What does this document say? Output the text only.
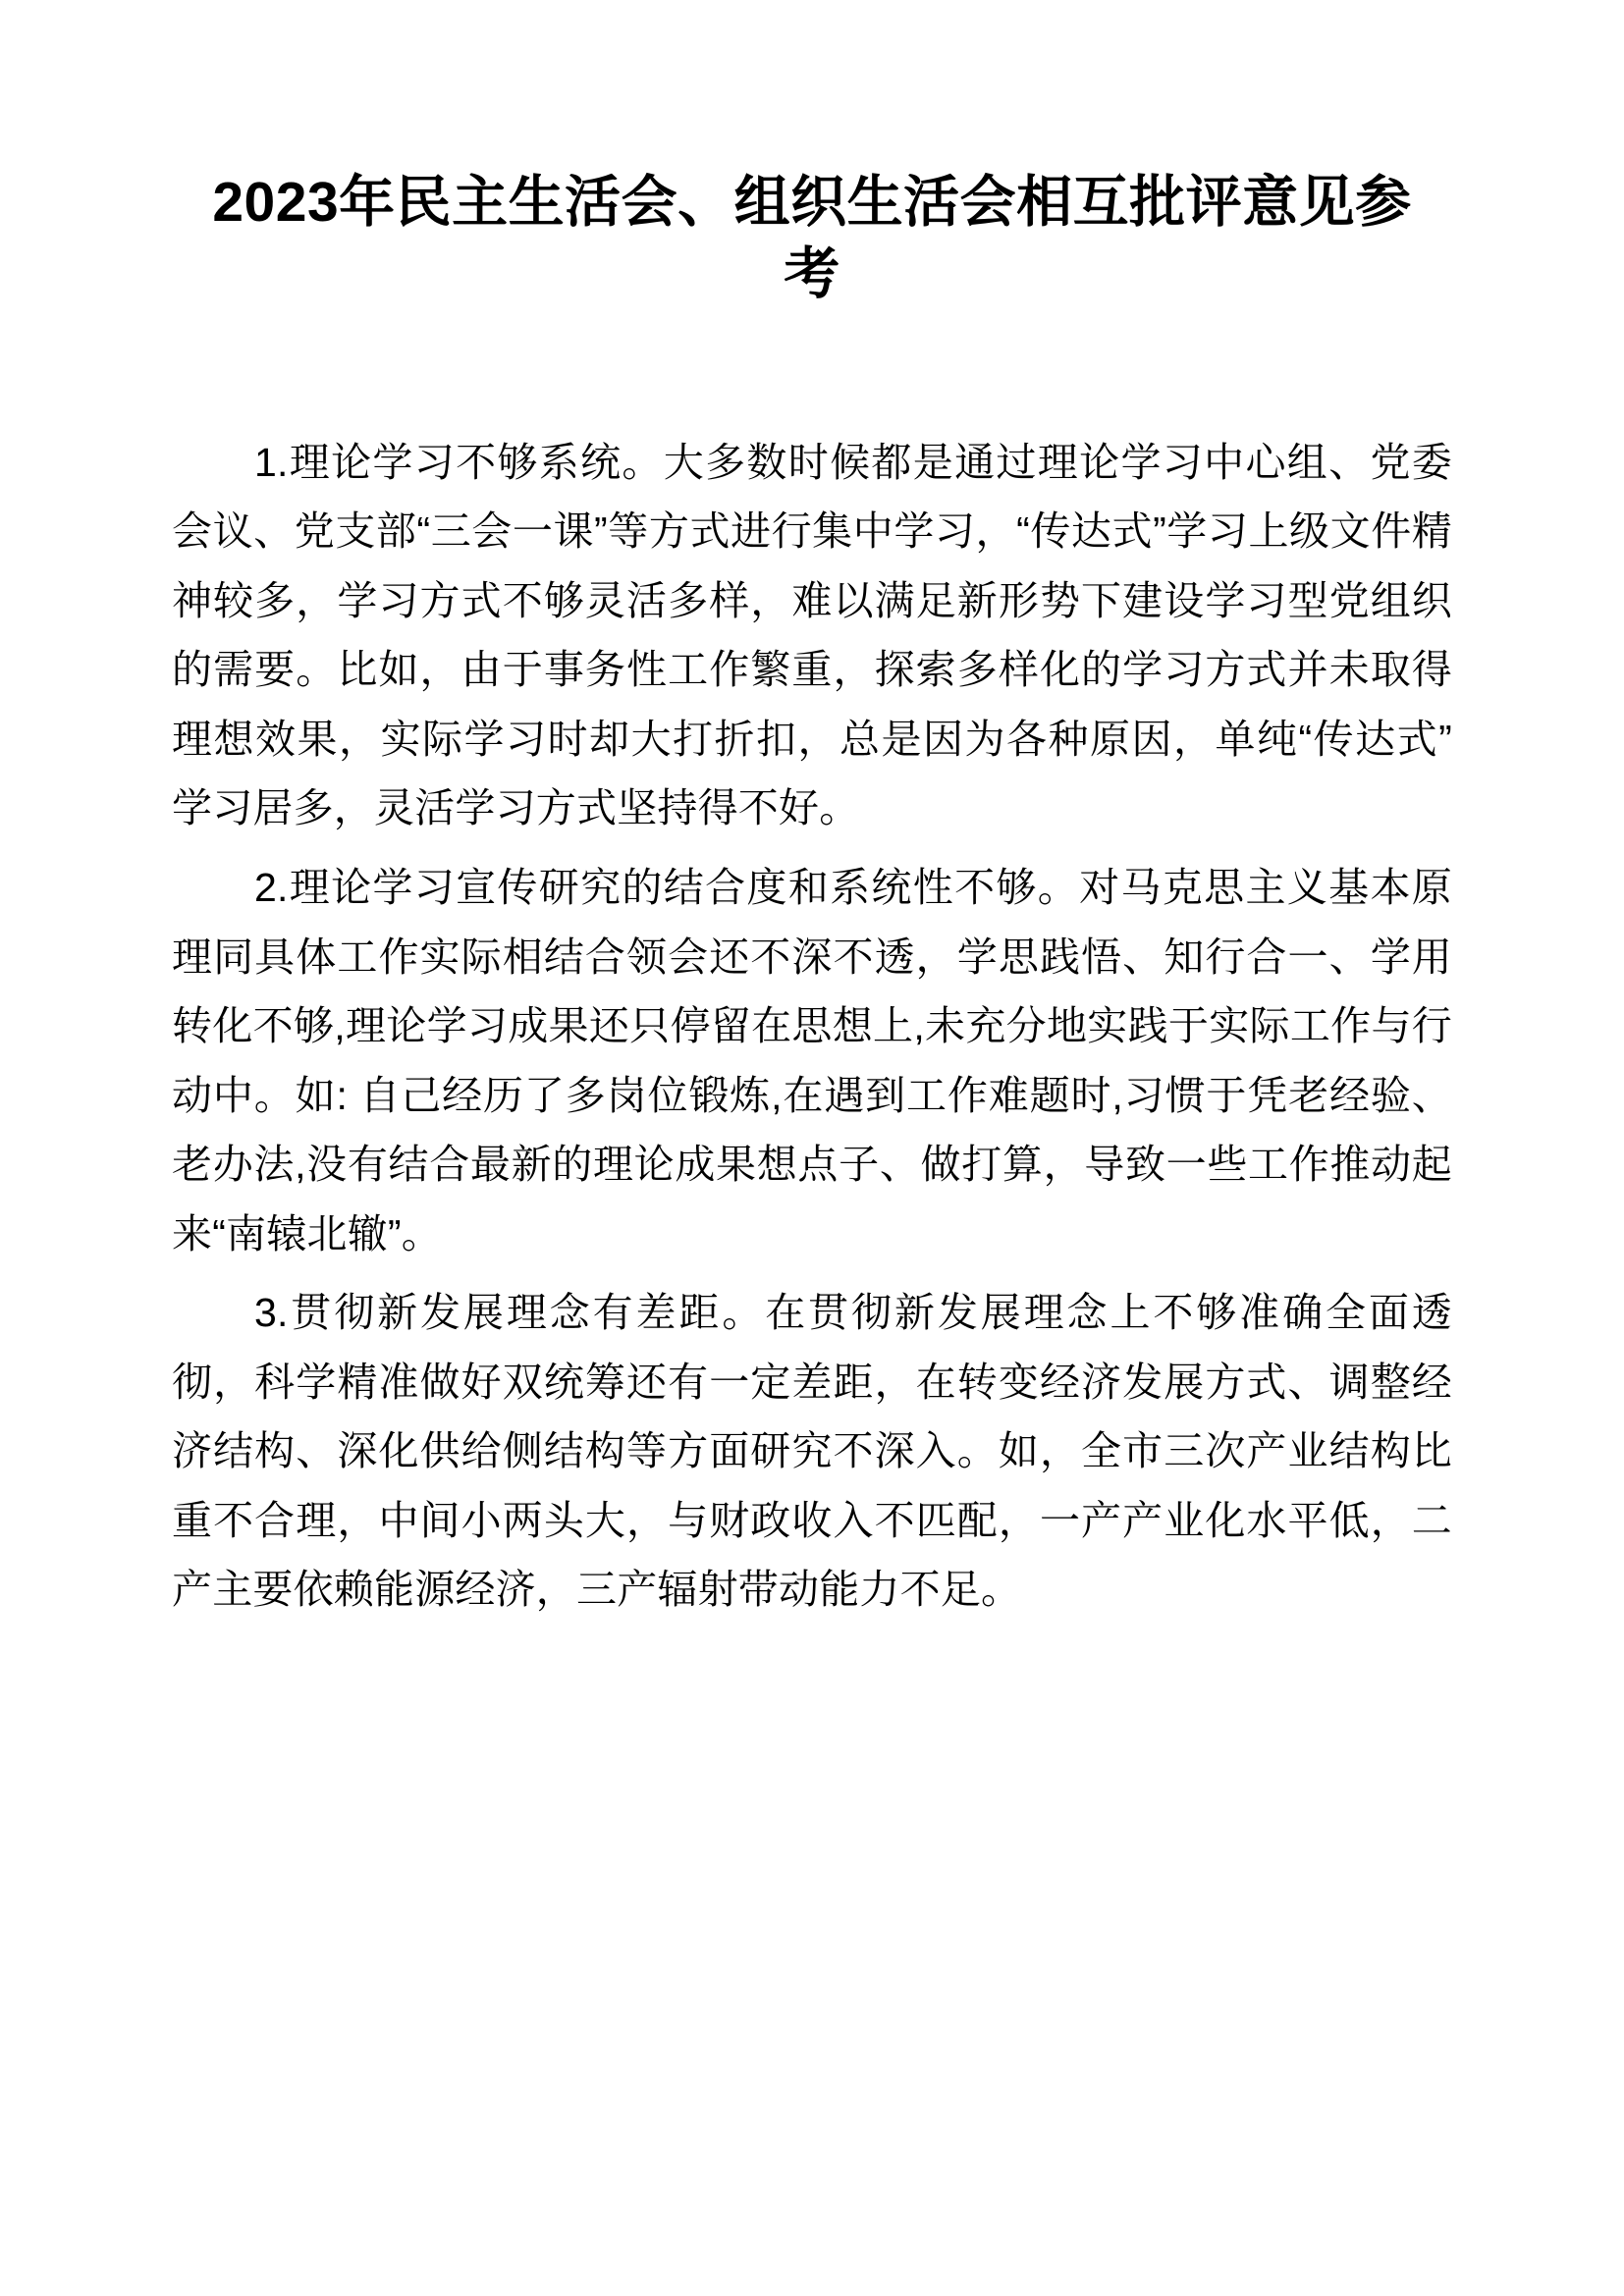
2023年民主生活会、组织生活会相互批评意见参考

1.理论学习不够系统。大多数时候都是通过理论学习中心组、党委会议、党支部“三会一课”等方式进行集中学习，“传达式”学习上级文件精神较多，学习方式不够灵活多样，难以满足新形势下建设学习型党组织的需要。比如，由于事务性工作繁重，探索多样化的学习方式并未取得理想效果，实际学习时却大打折扣，总是因为各种原因，单纯“传达式”学习居多，灵活学习方式坚持得不好。

2.理论学习宣传研究的结合度和系统性不够。对马克思主义基本原理同具体工作实际相结合领会还不深不透，学思践悟、知行合一、学用转化不够,理论学习成果还只停留在思想上,未充分地实践于实际工作与行动中。如: 自己经历了多岗位锻炼,在遇到工作难题时,习惯于凭老经验、老办法,没有结合最新的理论成果想点子、做打算，导致一些工作推动起来“南辕北辙”。

3.贯彻新发展理念有差距。在贯彻新发展理念上不够准确全面透彻，科学精准做好双统筹还有一定差距，在转变经济发展方式、调整经济结构、深化供给侧结构等方面研究不深入。如，全市三次产业结构比重不合理，中间小两头大，与财政收入不匹配，一产产业化水平低，二产主要依赖能源经济，三产辐射带动能力不足。
